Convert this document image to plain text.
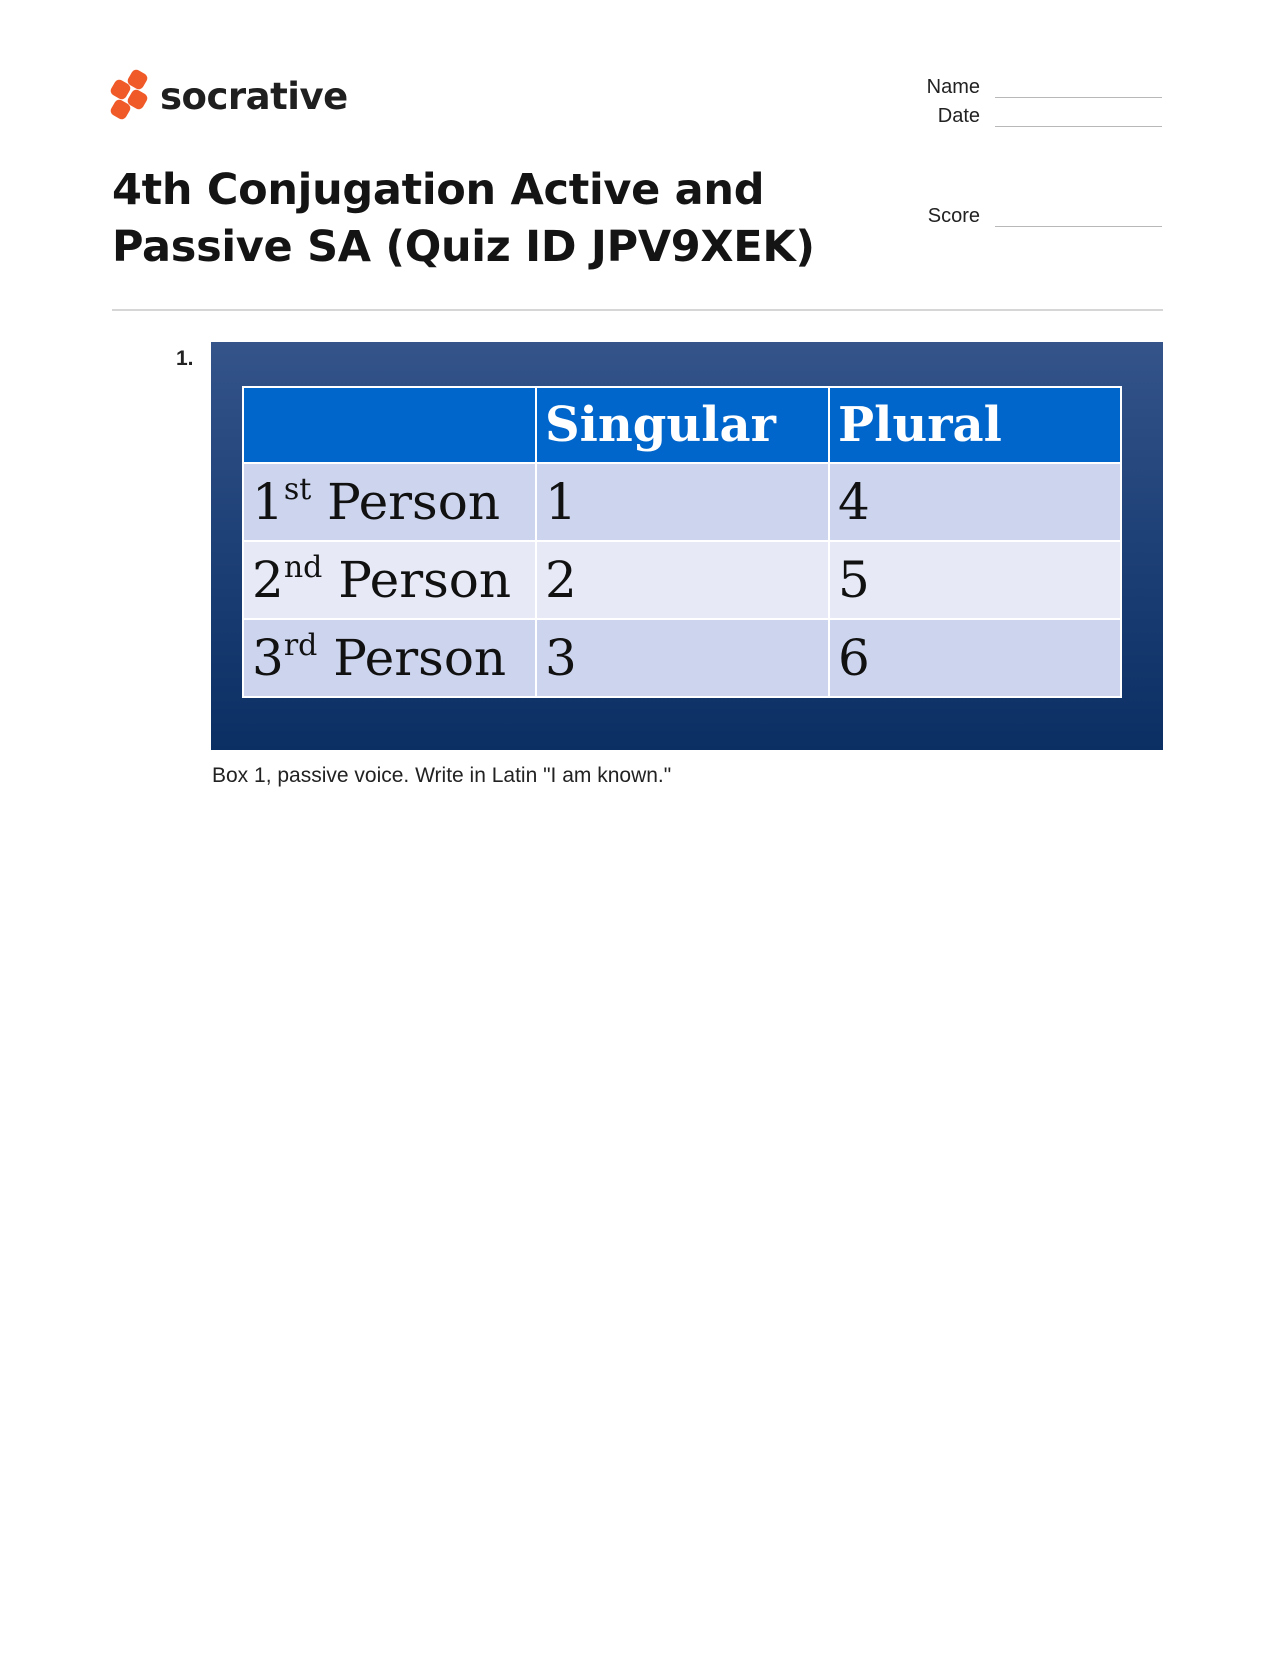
socrative	Name
Date
Score
4th Conjugation Active and Passive SA (Quiz ID JPV9XEK)
1.
	Singular	Plural
1st Person	1	4
2nd Person	2	5
3rd Person	3	6
Box 1, passive voice. Write in Latin "I am known."
